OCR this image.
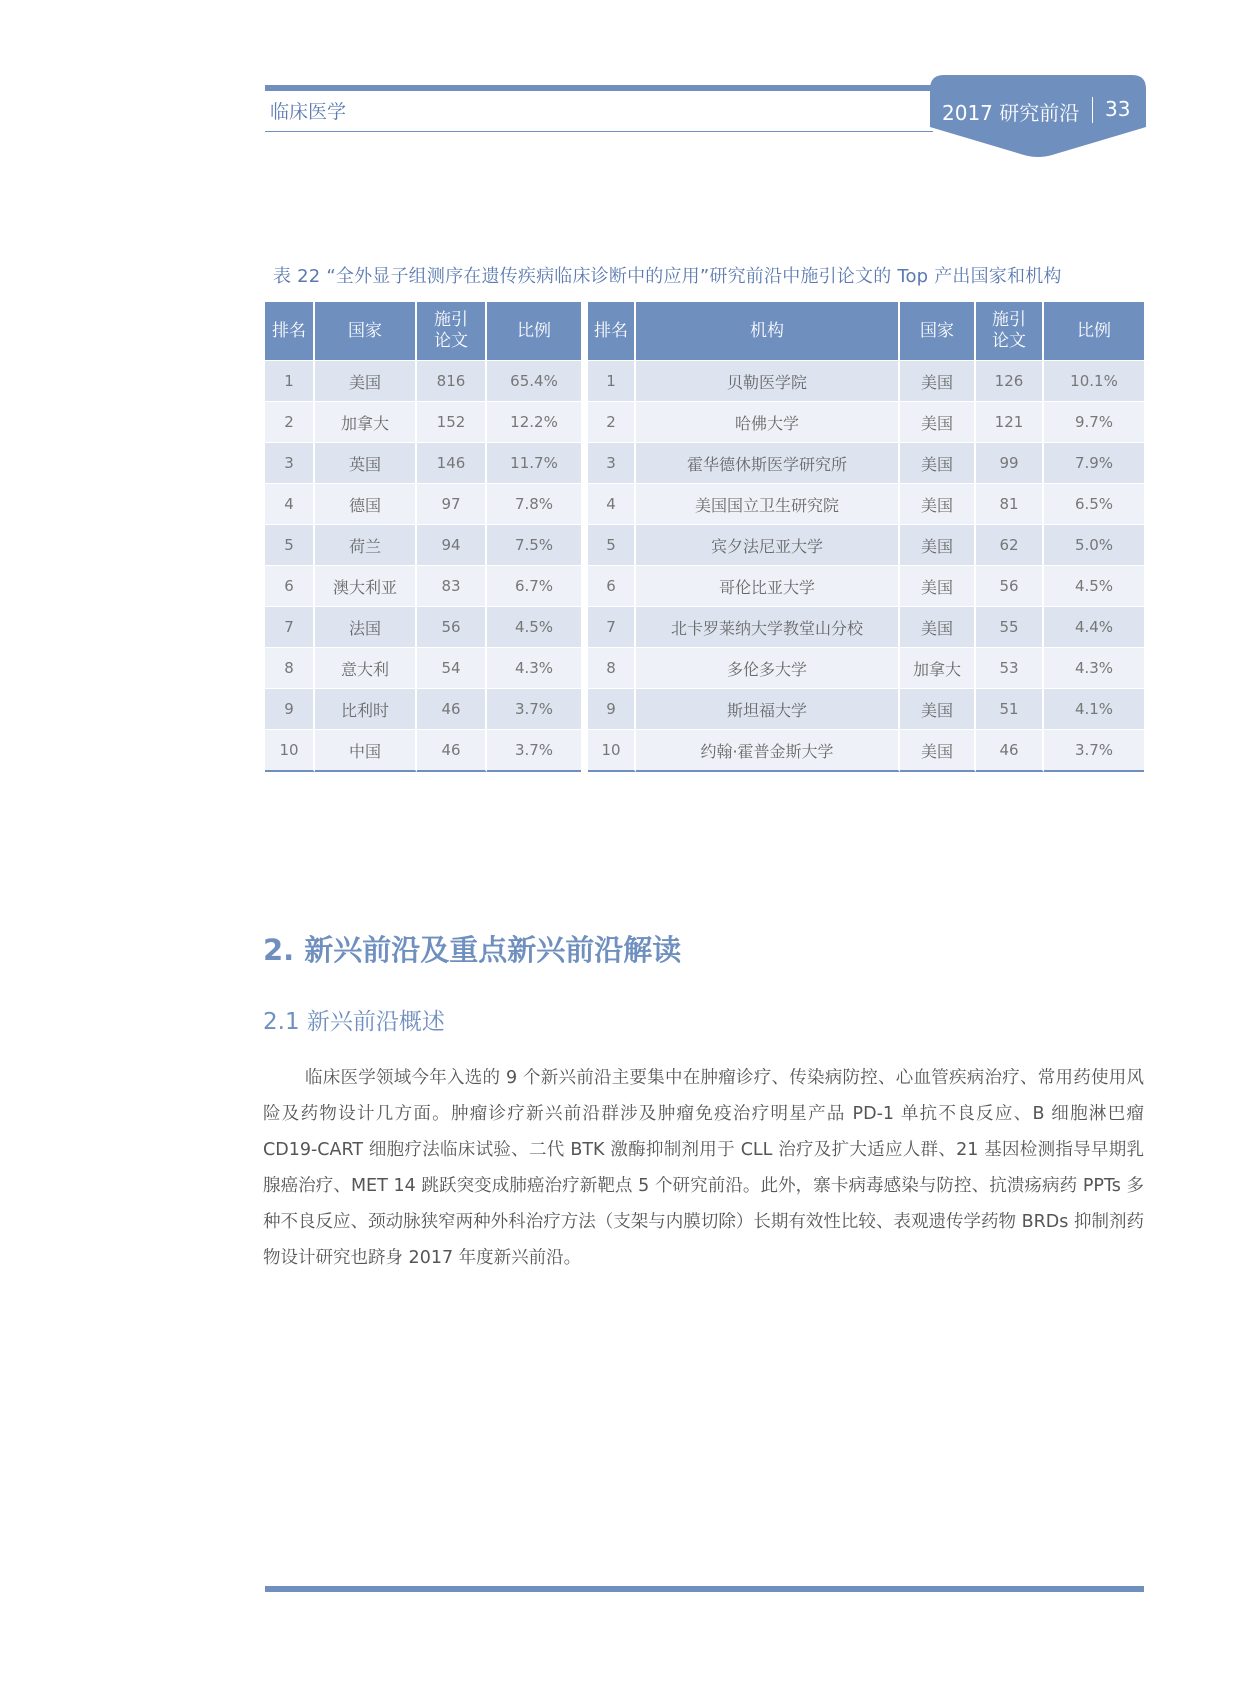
临床医学	2017 研究前沿 33
表 22 “全外显子组测序在遗传疾病临床诊断中的应用”研究前沿中施引论文的 Top 产出国家和机构
排名	国家	施引论文	比例
1	美国	816	65.4%
2	加拿大	152	12.2%
3	英国	146	11.7%
4	德国	97	7.8%
5	荷兰	94	7.5%
6	澳大利亚	83	6.7%
7	法国	56	4.5%
8	意大利	54	4.3%
9	比利时	46	3.7%
10	中国	46	3.7%
排名	机构	国家	施引论文	比例
1	贝勒医学院	美国	126	10.1%
2	哈佛大学	美国	121	9.7%
3	霍华德休斯医学研究所	美国	99	7.9%
4	美国国立卫生研究院	美国	81	6.5%
5	宾夕法尼亚大学	美国	62	5.0%
6	哥伦比亚大学	美国	56	4.5%
7	北卡罗莱纳大学教堂山分校	美国	55	4.4%
8	多伦多大学	加拿大	53	4.3%
9	斯坦福大学	美国	51	4.1%
10	约翰·霍普金斯大学	美国	46	3.7%
2. 新兴前沿及重点新兴前沿解读
2.1 新兴前沿概述

临床医学领域今年入选的 9 个新兴前沿主要集中在肿瘤诊疗、传染病防控、心血管疾病治疗、常用药使用风险及药物设计几方面。肿瘤诊疗新兴前沿群涉及肿瘤免疫治疗明星产品 PD-1 单抗不良反应、B 细胞淋巴瘤 CD19-CART 细胞疗法临床试验、二代 BTK 激酶抑制剂用于 CLL 治疗及扩大适应人群、21 基因检测指导早期乳腺癌治疗、MET 14 跳跃突变成肺癌治疗新靶点 5 个研究前沿。此外，寨卡病毒感染与防控、抗溃疡病药 PPTs 多种不良反应、颈动脉狭窄两种外科治疗方法（支架与内膜切除）长期有效性比较、表观遗传学药物 BRDs 抑制剂药物设计研究也跻身 2017 年度新兴前沿。
